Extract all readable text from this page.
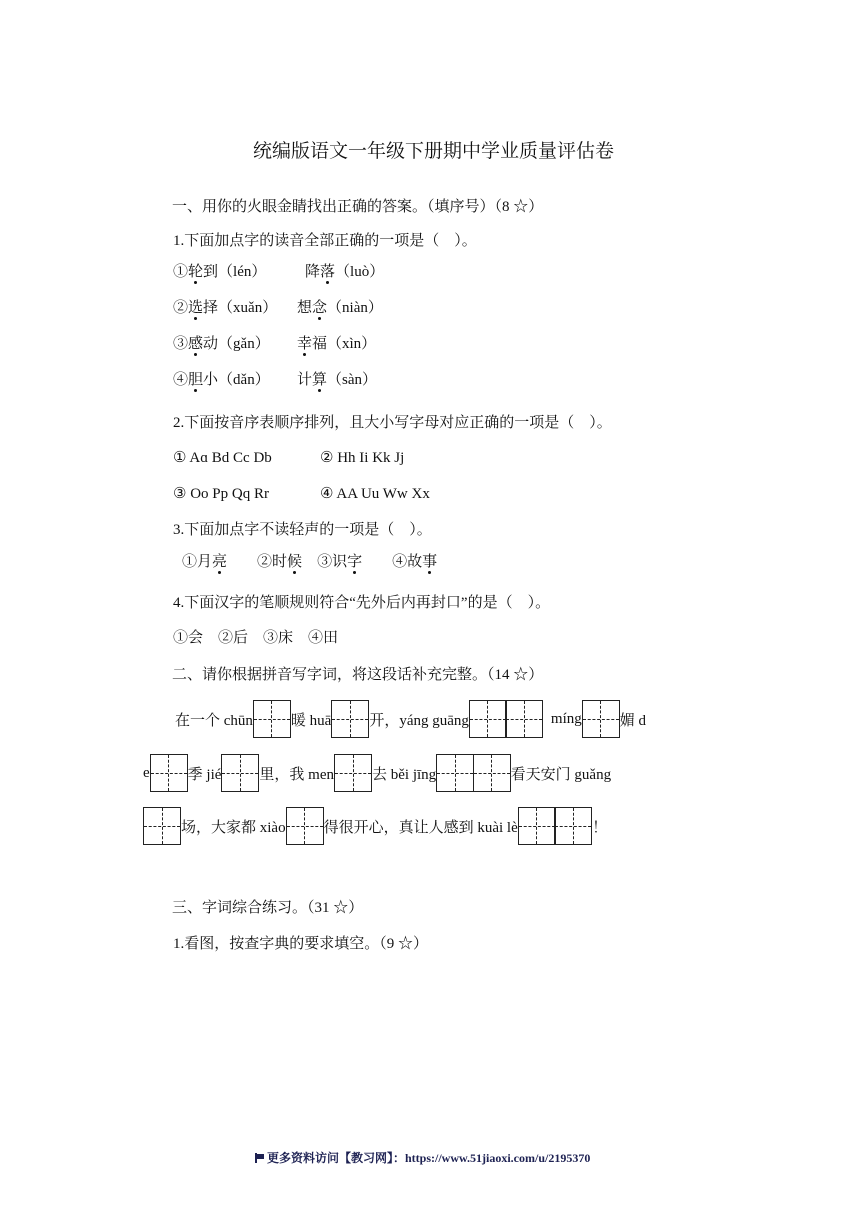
统编版语文一年级下册期中学业质量评估卷
一、用你的火眼金睛找出正确的答案。（填序号）（8 ☆）
1.下面加点字的读音全部正确的一项是（　）。
①轮到（lén）	降落（luò）
②选择（xuǎn） 想念（niàn）
③感动（gǎn） 幸福（xìn）
④胆小（dǎn） 计算（sàn）
2.下面按音序表顺序排列，且大小写字母对应正确的一项是（　）。
① Aɑ Bd Cc Db	② Hh Ii Kk Jj
③ Oo Pp Qq Rr	④ AA Uu Ww Xx
3.下面加点字不读轻声的一项是（　）。
①月亮　　②时候　③识字　　④故事
4.下面汉字的笔顺规则符合“先外后内再封口”的是（　）。
①会　②后　③床　④田
二、请你根据拼音写字词，将这段话补充完整。（14 ☆）
在一个 chūn	暖 huā	开，yáng guāng	míng	媚 d
e	季 jié	里，我 men	去 běi jīng	看天安门 guǎng
场，大家都 xiào	得很开心，真让人感到 kuài lè	！
三、字词综合练习。（31 ☆）
1.看图，按查字典的要求填空。（9 ☆）
更多资料访问【教习网】：https://www.51jiaoxi.com/u/2195370
